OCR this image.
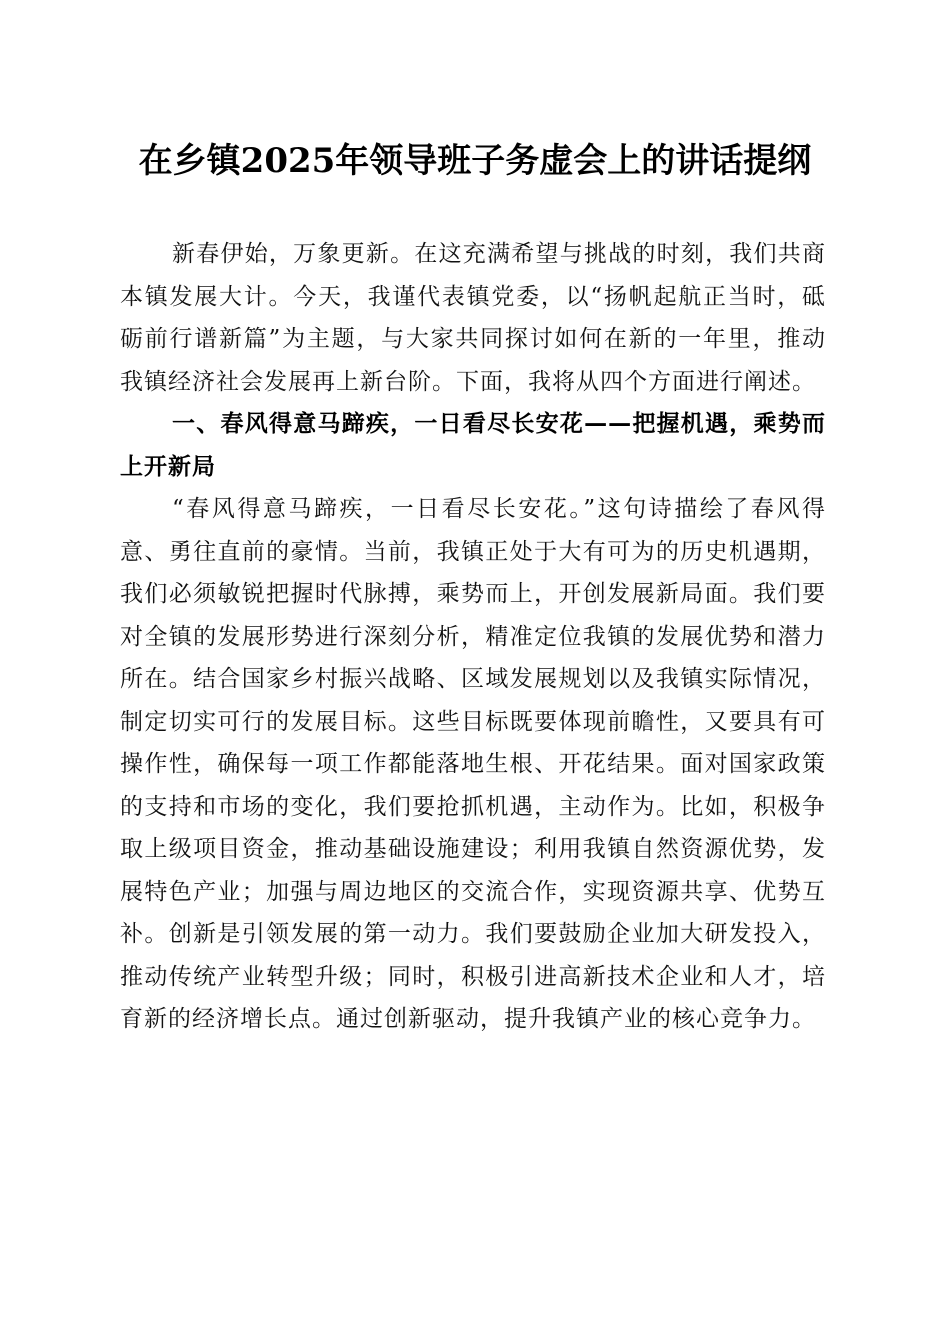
在乡镇2025年领导班子务虚会上的讲话提纲

新春伊始，万象更新。在这充满希望与挑战的时刻，我们共商本镇发展大计。今天，我谨代表镇党委，以“扬帆起航正当时，砥砺前行谱新篇”为主题，与大家共同探讨如何在新的一年里，推动我镇经济社会发展再上新台阶。下面，我将从四个方面进行阐述。

一、春风得意马蹄疾，一日看尽长安花——把握机遇，乘势而上开新局

“春风得意马蹄疾，一日看尽长安花。”这句诗描绘了春风得意、勇往直前的豪情。当前，我镇正处于大有可为的历史机遇期，我们必须敏锐把握时代脉搏，乘势而上，开创发展新局面。我们要对全镇的发展形势进行深刻分析，精准定位我镇的发展优势和潜力所在。结合国家乡村振兴战略、区域发展规划以及我镇实际情况，制定切实可行的发展目标。这些目标既要体现前瞻性，又要具有可操作性，确保每一项工作都能落地生根、开花结果。面对国家政策的支持和市场的变化，我们要抢抓机遇，主动作为。比如，积极争取上级项目资金，推动基础设施建设；利用我镇自然资源优势，发展特色产业；加强与周边地区的交流合作，实现资源共享、优势互补。创新是引领发展的第一动力。我们要鼓励企业加大研发投入，推动传统产业转型升级；同时，积极引进高新技术企业和人才，培育新的经济增长点。通过创新驱动，提升我镇产业的核心竞争力。
